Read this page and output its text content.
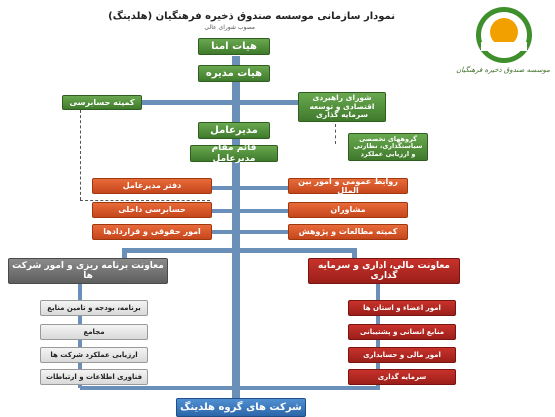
نمودار سازمانی موسسه صندوق ذخیره فرهنگیان (هلدینگ)
مصوب شورای عالی
موسسه صندوق ذخیره فرهنگیان
هیات امنا
هیات مدیره
کمیته حسابرسی
شورای راهبردی اقتصادی و توسعه سرمایه گذاری
مدیرعامل
قائم مقام مدیرعامل
گروههای تخصصی سیاستگذاری، نظارتی و ارزیابی عملکرد
دفتر مدیرعامل
حسابرسی داخلی
امور حقوقی و قراردادها
روابط عمومی و امور بین الملل
مشاوران
کمیته مطالعات و پژوهش
معاونت برنامه ریزی و امور شرکت ها
معاونت مالی، اداری و سرمایه گذاری
برنامه، بودجه و تامین منابع
مجامع
ارزیابی عملکرد شرکت ها
فناوری اطلاعات و ارتباطات
امور اعضاء و استان ها
منابع انسانی و پشتیبانی
امور مالی و حسابداری
سرمایه گذاری
شرکت های گروه هلدینگ
